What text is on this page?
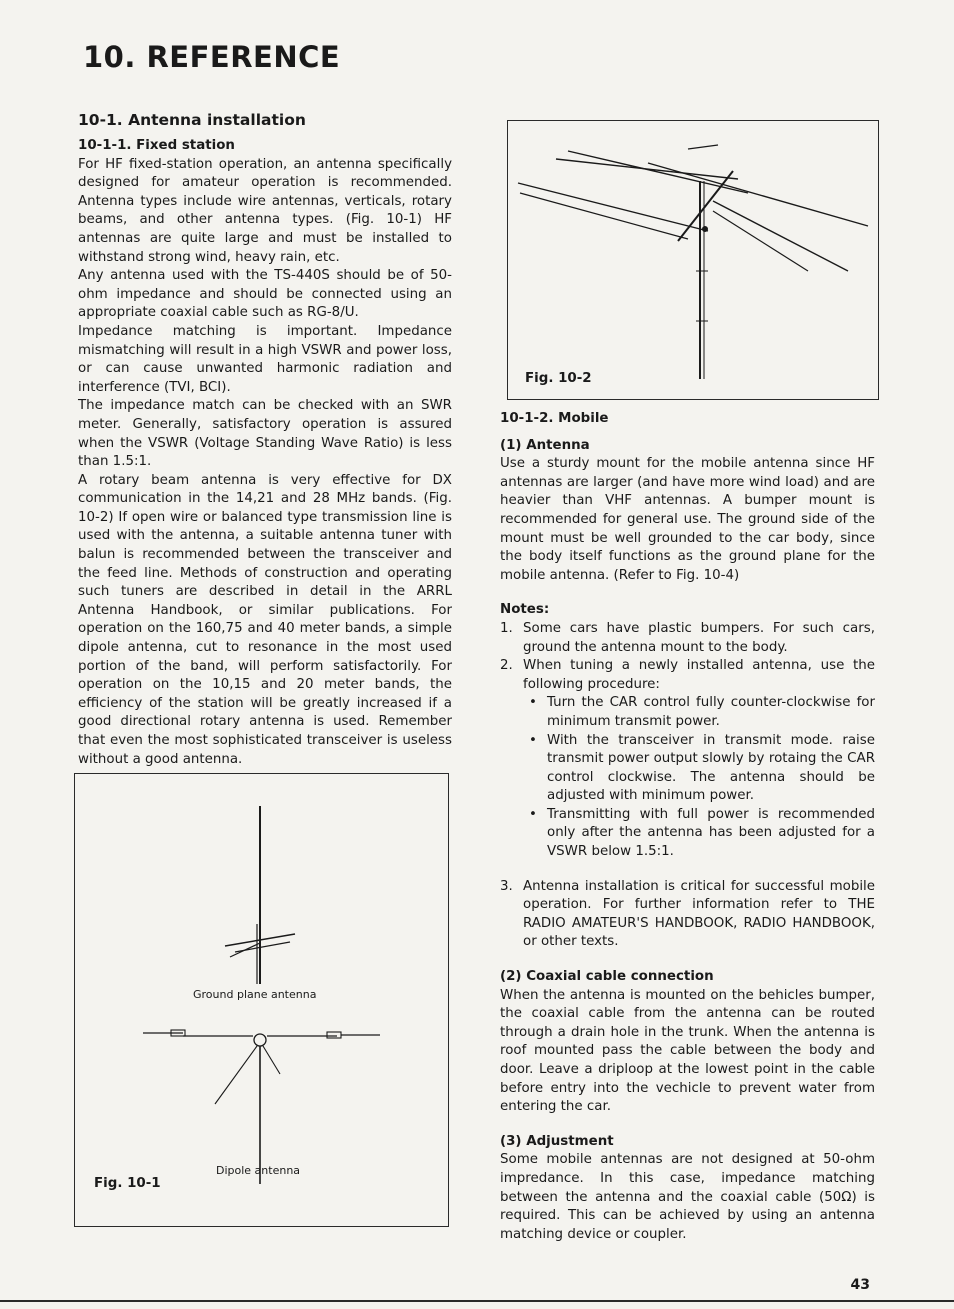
10. REFERENCE
10-1. Antenna installation
10-1-1. Fixed station

For HF fixed-station operation, an antenna specifically designed for amateur operation is recommended. Antenna types include wire antennas, verticals, rotary beams, and other antenna types. (Fig. 10-1) HF antennas are quite large and must be installed to withstand strong wind, heavy rain, etc.

Any antenna used with the TS-440S should be of 50-ohm impedance and should be connected using an appropriate coaxial cable such as RG-8/U.

Impedance matching is important. Impedance mismatching will result in a high VSWR and power loss, or can cause unwanted harmonic radiation and interference (TVI, BCI).

The impedance match can be checked with an SWR meter. Generally, satisfactory operation is assured when the VSWR (Voltage Standing Wave Ratio) is less than 1.5:1.

A rotary beam antenna is very effective for DX communication in the 14,21 and 28 MHz bands. (Fig. 10-2) If open wire or balanced type transmission line is used with the antenna, a suitable antenna tuner with balun is recommended between the transceiver and the feed line. Methods of construction and operating such tuners are described in detail in the ARRL Antenna Handbook, or similar publications. For operation on the 160,75 and 40 meter bands, a simple dipole antenna, cut to resonance in the most used portion of the band, will perform satisfactorily. For operation on the 10,15 and 20 meter bands, the efficiency of the station will be greatly increased if a good directional rotary antenna is used. Remember that even the most sophisticated transceiver is useless without a good antenna.

Ground plane antenna
Dipole antenna
Fig. 10-1
Fig. 10-2
10-1-2. Mobile
(1) Antenna

Use a sturdy mount for the mobile antenna since HF antennas are larger (and have more wind load) and are heavier than VHF antennas. A bumper mount is recommended for general use. The ground side of the mount must be well grounded to the car body, since the body itself functions as the ground plane for the mobile antenna. (Refer to Fig. 10-4)

Notes:

1. Some cars have plastic bumpers. For such cars, ground the antenna mount to the body.
2. When tuning a newly installed antenna, use the following procedure:
• Turn the CAR control fully counter-clockwise for minimum transmit power.
• With the transceiver in transmit mode. raise transmit power output slowly by rotaing the CAR control clockwise. The antenna should be adjusted with minimum power.
• Transmitting with full power is recommended only after the antenna has been adjusted for a VSWR below 1.5:1.
3. Antenna installation is critical for successful mobile operation. For further information refer to THE RADIO AMATEUR'S HANDBOOK, RADIO HANDBOOK, or other texts.
(2) Coaxial cable connection

When the antenna is mounted on the behicles bumper, the coaxial cable from the antenna can be routed through a drain hole in the trunk. When the antenna is roof mounted pass the cable between the body and door. Leave a driploop at the lowest point in the cable before entry into the vechicle to prevent water from entering the car.

(3) Adjustment

Some mobile antennas are not designed at 50-ohm impredance. In this case, impedance matching between the antenna and the coaxial cable (50Ω) is required. This can be achieved by using an antenna matching device or coupler.

43
